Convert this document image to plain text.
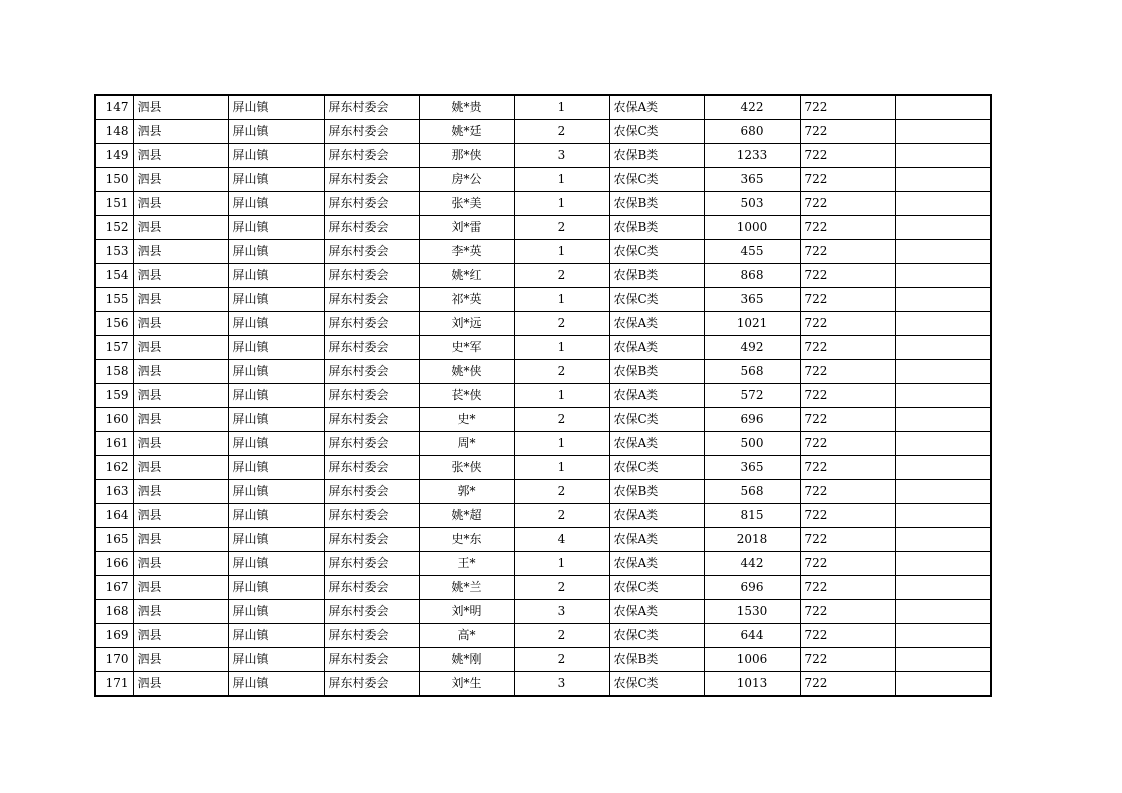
147	泗县	屏山镇	屏东村委会	姚*贵	1	农保A类	422	722	
148	泗县	屏山镇	屏东村委会	姚*廷	2	农保C类	680	722	
149	泗县	屏山镇	屏东村委会	那*侠	3	农保B类	1233	722	
150	泗县	屏山镇	屏东村委会	房*公	1	农保C类	365	722	
151	泗县	屏山镇	屏东村委会	张*美	1	农保B类	503	722	
152	泗县	屏山镇	屏东村委会	刘*雷	2	农保B类	1000	722	
153	泗县	屏山镇	屏东村委会	李*英	1	农保C类	455	722	
154	泗县	屏山镇	屏东村委会	姚*红	2	农保B类	868	722	
155	泗县	屏山镇	屏东村委会	祁*英	1	农保C类	365	722	
156	泗县	屏山镇	屏东村委会	刘*远	2	农保A类	1021	722	
157	泗县	屏山镇	屏东村委会	史*军	1	农保A类	492	722	
158	泗县	屏山镇	屏东村委会	姚*侠	2	农保B类	568	722	
159	泗县	屏山镇	屏东村委会	苌*侠	1	农保A类	572	722	
160	泗县	屏山镇	屏东村委会	史*	2	农保C类	696	722	
161	泗县	屏山镇	屏东村委会	周*	1	农保A类	500	722	
162	泗县	屏山镇	屏东村委会	张*侠	1	农保C类	365	722	
163	泗县	屏山镇	屏东村委会	郭*	2	农保B类	568	722	
164	泗县	屏山镇	屏东村委会	姚*超	2	农保A类	815	722	
165	泗县	屏山镇	屏东村委会	史*东	4	农保A类	2018	722	
166	泗县	屏山镇	屏东村委会	王*	1	农保A类	442	722	
167	泗县	屏山镇	屏东村委会	姚*兰	2	农保C类	696	722	
168	泗县	屏山镇	屏东村委会	刘*明	3	农保A类	1530	722	
169	泗县	屏山镇	屏东村委会	高*	2	农保C类	644	722	
170	泗县	屏山镇	屏东村委会	姚*刚	2	农保B类	1006	722	
171	泗县	屏山镇	屏东村委会	刘*生	3	农保C类	1013	722	
